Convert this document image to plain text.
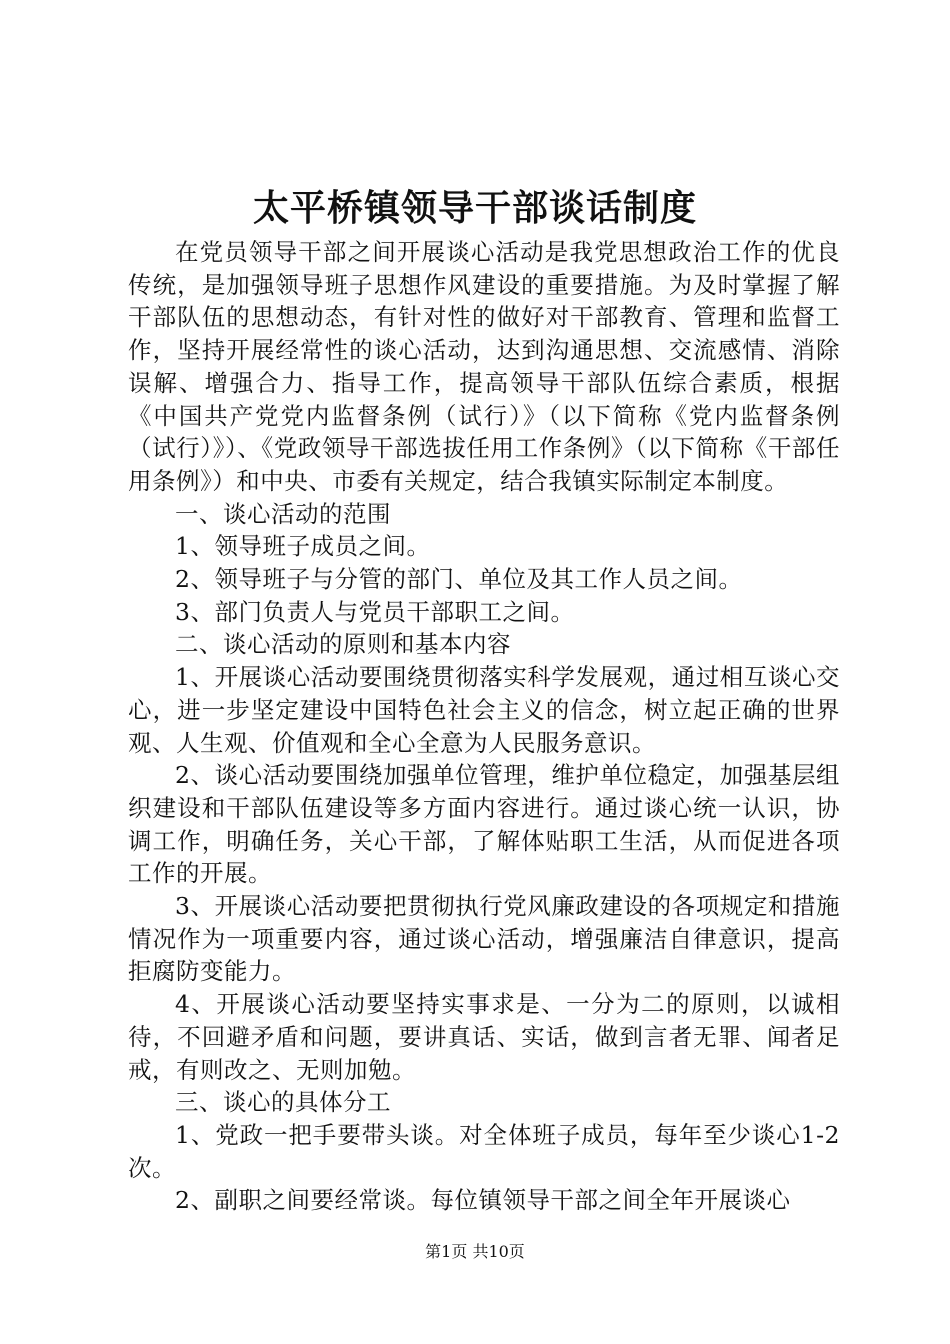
太平桥镇领导干部谈话制度

在党员领导干部之间开展谈心活动是我党思想政治工作的优良传统，是加强领导班子思想作风建设的重要措施。为及时掌握了解干部队伍的思想动态，有针对性的做好对干部教育、管理和监督工作，坚持开展经常性的谈心活动，达到沟通思想、交流感情、消除误解、增强合力、指导工作，提高领导干部队伍综合素质，根据《中国共产党党内监督条例（试行）》（以下简称《党内监督条例（试行）》）、《党政领导干部选拔任用工作条例》（以下简称《干部任用条例》）和中央、市委有关规定，结合我镇实际制定本制度。

一、谈心活动的范围

1、领导班子成员之间。

2、领导班子与分管的部门、单位及其工作人员之间。

3、部门负责人与党员干部职工之间。

二、谈心活动的原则和基本内容

1、开展谈心活动要围绕贯彻落实科学发展观，通过相互谈心交心，进一步坚定建设中国特色社会主义的信念，树立起正确的世界观、人生观、价值观和全心全意为人民服务意识。

2、谈心活动要围绕加强单位管理，维护单位稳定，加强基层组织建设和干部队伍建设等多方面内容进行。通过谈心统一认识，协调工作，明确任务，关心干部，了解体贴职工生活，从而促进各项工作的开展。

3、开展谈心活动要把贯彻执行党风廉政建设的各项规定和措施情况作为一项重要内容，通过谈心活动，增强廉洁自律意识，提高拒腐防变能力。

4、开展谈心活动要坚持实事求是、一分为二的原则，以诚相待，不回避矛盾和问题，要讲真话、实话，做到言者无罪、闻者足戒，有则改之、无则加勉。

三、谈心的具体分工

1、党政一把手要带头谈。对全体班子成员，每年至少谈心1-2次。

2、副职之间要经常谈。每位镇领导干部之间全年开展谈心

第1页 共10页
